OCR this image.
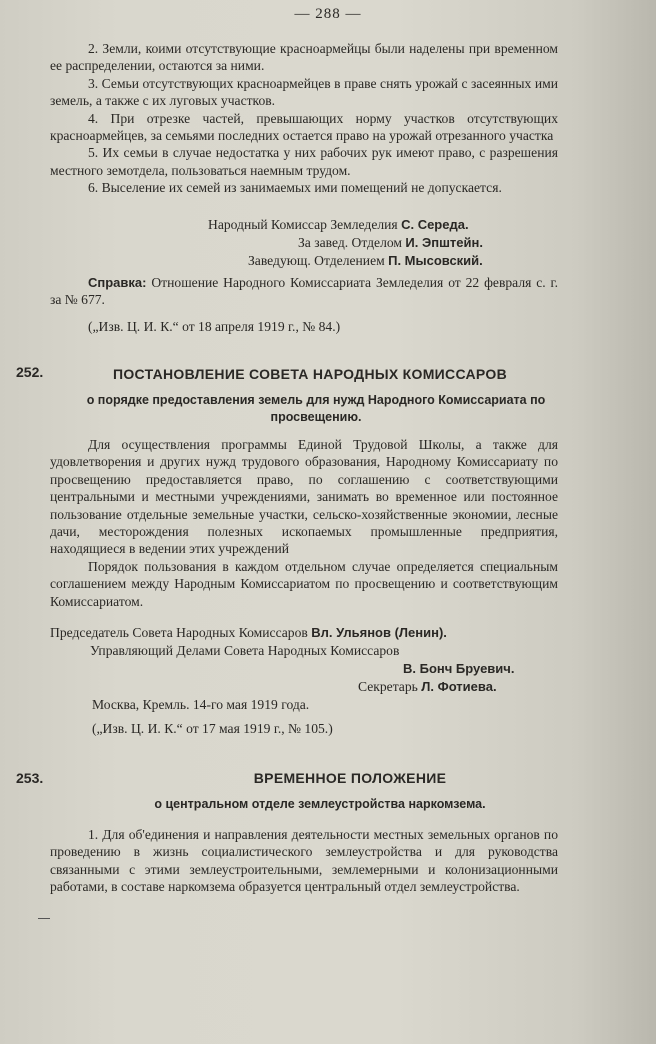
— 288 —

2. Земли, коими отсутствующие красноармейцы были наделены при временном ее распределении, остаются за ними.

3. Семьи отсутствующих красноармейцев в праве снять урожай с засеянных ими земель, а также с их луговых участков.

4. При отрезке частей, превышающих норму участков отсутствующих красноармейцев, за семьями последних остается право на урожай отрезанного участка

5. Их семьи в случае недостатка у них рабочих рук имеют право, с разрешения местного земотдела, пользоваться наемным трудом.

6. Выселение их семей из занимаемых ими помещений не допускается.

Народный Комиссар Земледелия С. Середа.
За завед. Отделом И. Эпштейн.
Заведующ. Отделением П. Мысовский.

Справка: Отношение Народного Комиссариата Земледелия от 22 февраля с. г. за № 677.

(„Изв. Ц. И. К.“ от 18 апреля 1919 г., № 84.)

252.	ПОСТАНОВЛЕНИЕ СОВЕТА НАРОДНЫХ КОМИССАРОВ
о порядке предоставления земель для нужд Народного Комиссариата по просвещению.

Для осуществления программы Единой Трудовой Школы, а также для удовлетворения и других нужд трудового образования, Народному Комиссариату по просвещению предоставляется право, по соглашению с соответствующими центральными и местными учреждениями, занимать во временное или постоянное пользование отдельные земельные участки, сельско-хозяйственные экономии, лесные дачи, месторождения полезных ископаемых промышленные предприятия, находящиеся в ведении этих учреждений

Порядок пользования в каждом отдельном случае определяется специальным соглашением между Народным Комиссариатом по просвещению и соответствующим Комиссариатом.

Председатель Совета Народных Комиссаров Вл. Ульянов (Ленин).
Управляющий Делами Совета Народных Комиссаров
В. Бонч Бруевич.
Секретарь Л. Фотиева.
Москва, Кремль. 14-го мая 1919 года.
(„Изв. Ц. И. К.“ от 17 мая 1919 г., № 105.)
253.	ВРЕМЕННОЕ ПОЛОЖЕНИЕ
о центральном отделе землеустройства наркомзема.

1. Для об'единения и направления деятельности местных земельных органов по проведению в жизнь социалистического землеустройства и для руководства связанными с этими землеустроительными, землемерными и колонизационными работами, в составе наркомзема образуется центральный отдел землеустройства.
